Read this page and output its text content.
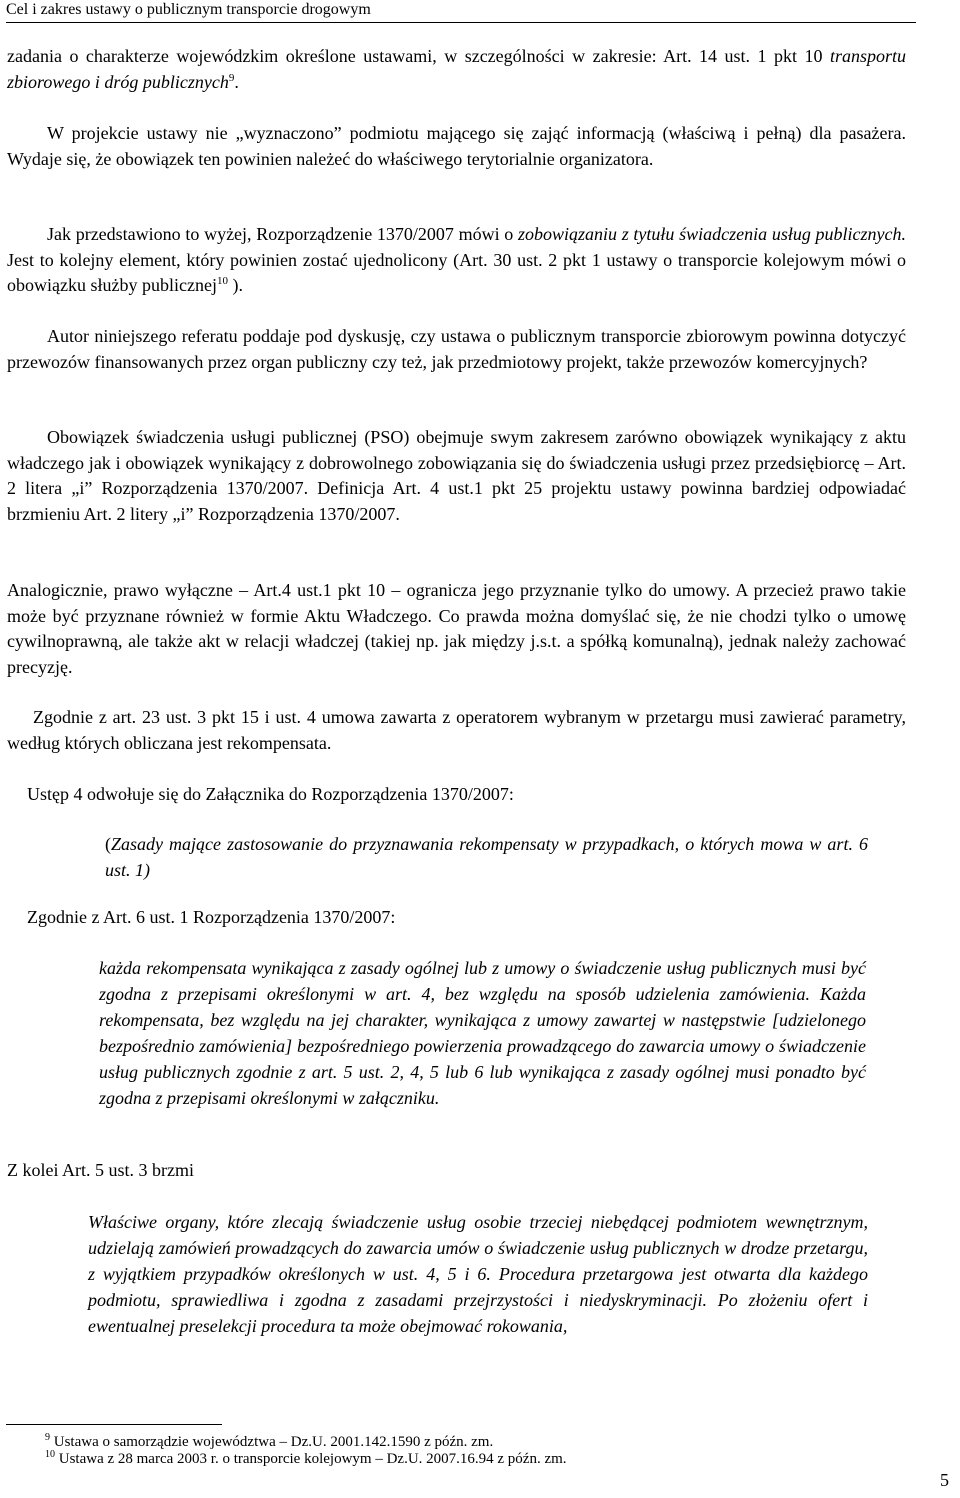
Cel i zakres ustawy o publicznym transporcie drogowym

zadania o charakterze wojewódzkim określone ustawami, w szczególności w zakresie: Art. 14 ust. 1 pkt 10 transportu zbiorowego i dróg publicznych$^9$.

W projekcie ustawy nie „wyznaczono” podmiotu mającego się zająć informacją (właściwą i pełną) dla pasażera. Wydaje się, że obowiązek ten powinien należeć do właściwego terytorialnie organizatora.

Jak przedstawiono to wyżej, Rozporządzenie 1370/2007 mówi o zobowiązaniu z tytułu świadczenia usług publicznych. Jest to kolejny element, który powinien zostać ujednolicony (Art. 30 ust. 2 pkt 1 ustawy o transporcie kolejowym mówi o obowiązku służby publicznej$^{10}$ ).

Autor niniejszego referatu poddaje pod dyskusję, czy ustawa o publicznym transporcie zbiorowym powinna dotyczyć przewozów finansowanych przez organ publiczny czy też, jak przedmiotowy projekt, także przewozów komercyjnych?

Obowiązek świadczenia usługi publicznej (PSO) obejmuje swym zakresem zarówno obowiązek wynikający z aktu władczego jak i obowiązek wynikający z dobrowolnego zobowiązania się do świadczenia usługi przez przedsiębiorcę – Art. 2 litera „i” Rozporządzenia 1370/2007. Definicja Art. 4 ust.1 pkt 25 projektu ustawy powinna bardziej odpowiadać brzmieniu Art. 2 litery „i” Rozporządzenia 1370/2007.

Analogicznie, prawo wyłączne – Art.4 ust.1 pkt 10 – ogranicza jego przyznanie tylko do umowy. A przecież prawo takie może być przyznane również w formie Aktu Władczego. Co prawda można domyślać się, że nie chodzi tylko o umowę cywilnoprawną, ale także akt w relacji władczej (takiej np. jak między j.s.t. a spółką komunalną), jednak należy zachować precyzję.

Zgodnie z art. 23 ust. 3 pkt 15 i ust. 4 umowa zawarta z operatorem wybranym w przetargu musi zawierać parametry, według których obliczana jest rekompensata.

Ustęp 4 odwołuje się do Załącznika do Rozporządzenia 1370/2007:

(Zasady mające zastosowanie do przyznawania rekompensaty w przypadkach, o których mowa w art. 6 ust. 1)

Zgodnie z Art. 6 ust. 1 Rozporządzenia 1370/2007:

każda rekompensata wynikająca z zasady ogólnej lub z umowy o świadczenie usług publicznych musi być zgodna z przepisami określonymi w art. 4, bez względu na sposób udzielenia zamówienia. Każda rekompensata, bez względu na jej charakter, wynikająca z umowy zawartej w następstwie [udzielonego bezpośrednio zamówienia] bezpośredniego powierzenia prowadzącego do zawarcia umowy o świadczenie usług publicznych zgodnie z art. 5 ust. 2, 4, 5 lub 6 lub wynikająca z zasady ogólnej musi ponadto być zgodna z przepisami określonymi w załączniku.

Z kolei Art. 5 ust. 3 brzmi

Właściwe organy, które zlecają świadczenie usług osobie trzeciej niebędącej podmiotem wewnętrznym, udzielają zamówień prowadzących do zawarcia umów o świadczenie usług publicznych w drodze przetargu, z wyjątkiem przypadków określonych w ust. 4, 5 i 6. Procedura przetargowa jest otwarta dla każdego podmiotu, sprawiedliwa i zgodna z zasadami przejrzystości i niedyskryminacji. Po złożeniu ofert i ewentualnej preselekcji procedura ta może obejmować rokowania,

$^9$ Ustawa o samorządzie województwa – Dz.U. 2001.142.1590 z późn. zm.
$^{10}$ Ustawa z 28 marca 2003 r. o transporcie kolejowym – Dz.U. 2007.16.94 z późn. zm.
5
